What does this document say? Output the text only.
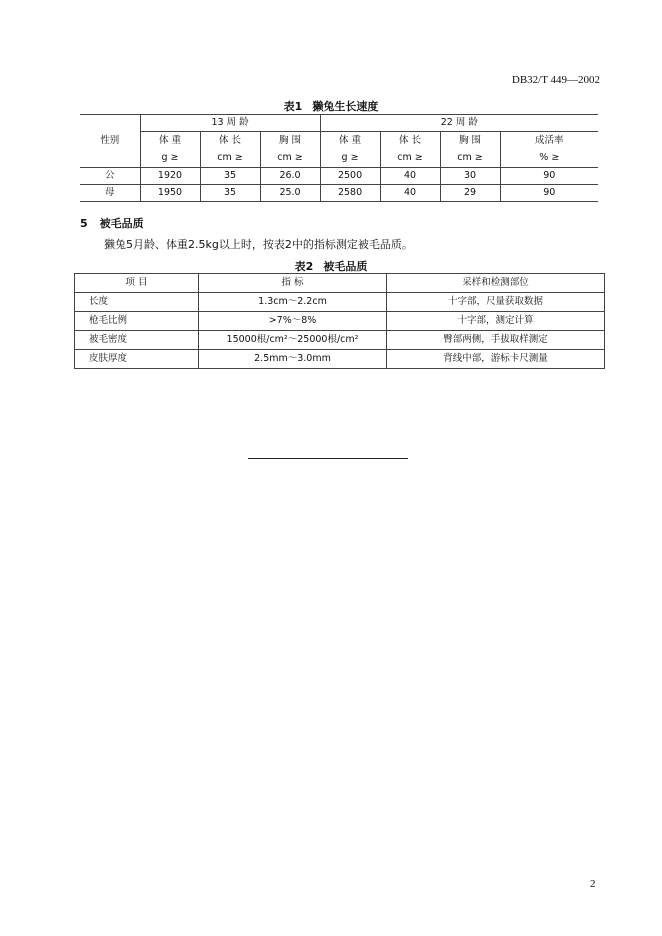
DB32/T 449—2002
表1 獭兔生长速度
性别	13 周 龄			22 周 龄			
	体 重	体 长	胸 围	体 重	体 长	胸 围	成活率
	g ≥	cm ≥	cm ≥	g ≥	cm ≥	cm ≥	% ≥
公	1920	35	26.0	2500	40	30	90
母	1950	35	25.0	2580	40	29	90
5 被毛品质
獭兔5月龄、体重2.5kg以上时，按表2中的指标测定被毛品质。
表2 被毛品质
项 目	指 标	采样和检测部位
长度	1.3cm～2.2cm	十字部，尺量获取数据
枪毛比例	>7%～8%	十字部，测定计算
被毛密度	15000根/cm²～25000根/cm²	臀部两侧，手拔取样测定
皮肤厚度	2.5mm～3.0mm	背线中部，游标卡尺测量
2
